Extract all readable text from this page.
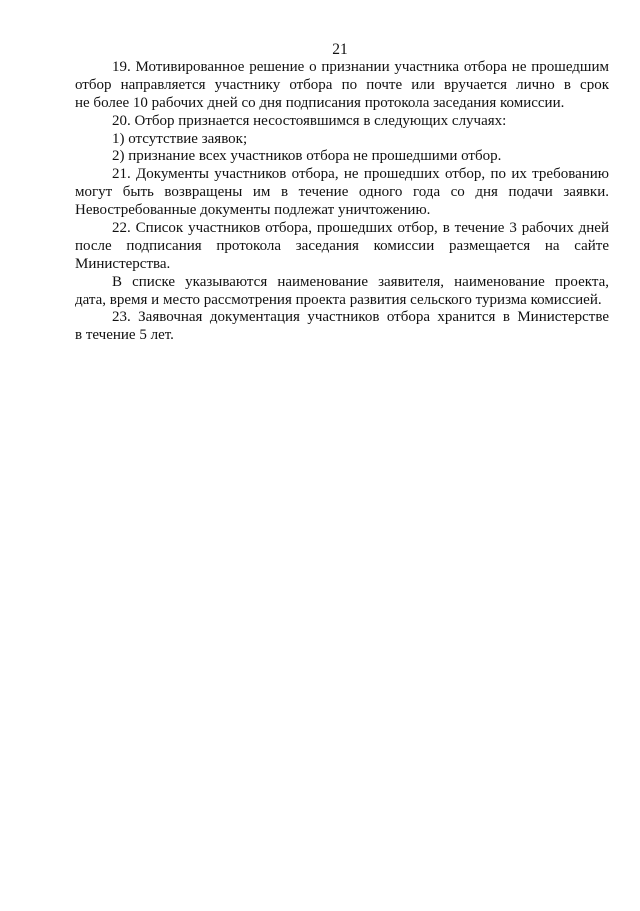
21
19. Мотивированное решение о признании участника отбора не прошедшим
отбор направляется участнику отбора по почте или вручается лично в срок
не более 10 рабочих дней со дня подписания протокола заседания комиссии.
20. Отбор признается несостоявшимся в следующих случаях:
1) отсутствие заявок;
2) признание всех участников отбора не прошедшими отбор.
21. Документы участников отбора, не прошедших отбор, по их требованию
могут быть возвращены им в течение одного года со дня подачи заявки.
Невостребованные документы подлежат уничтожению.
22. Список участников отбора, прошедших отбор, в течение 3 рабочих дней
после подписания протокола заседания комиссии размещается на сайте
Министерства.
В списке указываются наименование заявителя, наименование проекта,
дата, время и место рассмотрения проекта развития сельского туризма комиссией.
23. Заявочная документация участников отбора хранится в Министерстве
в течение 5 лет.
